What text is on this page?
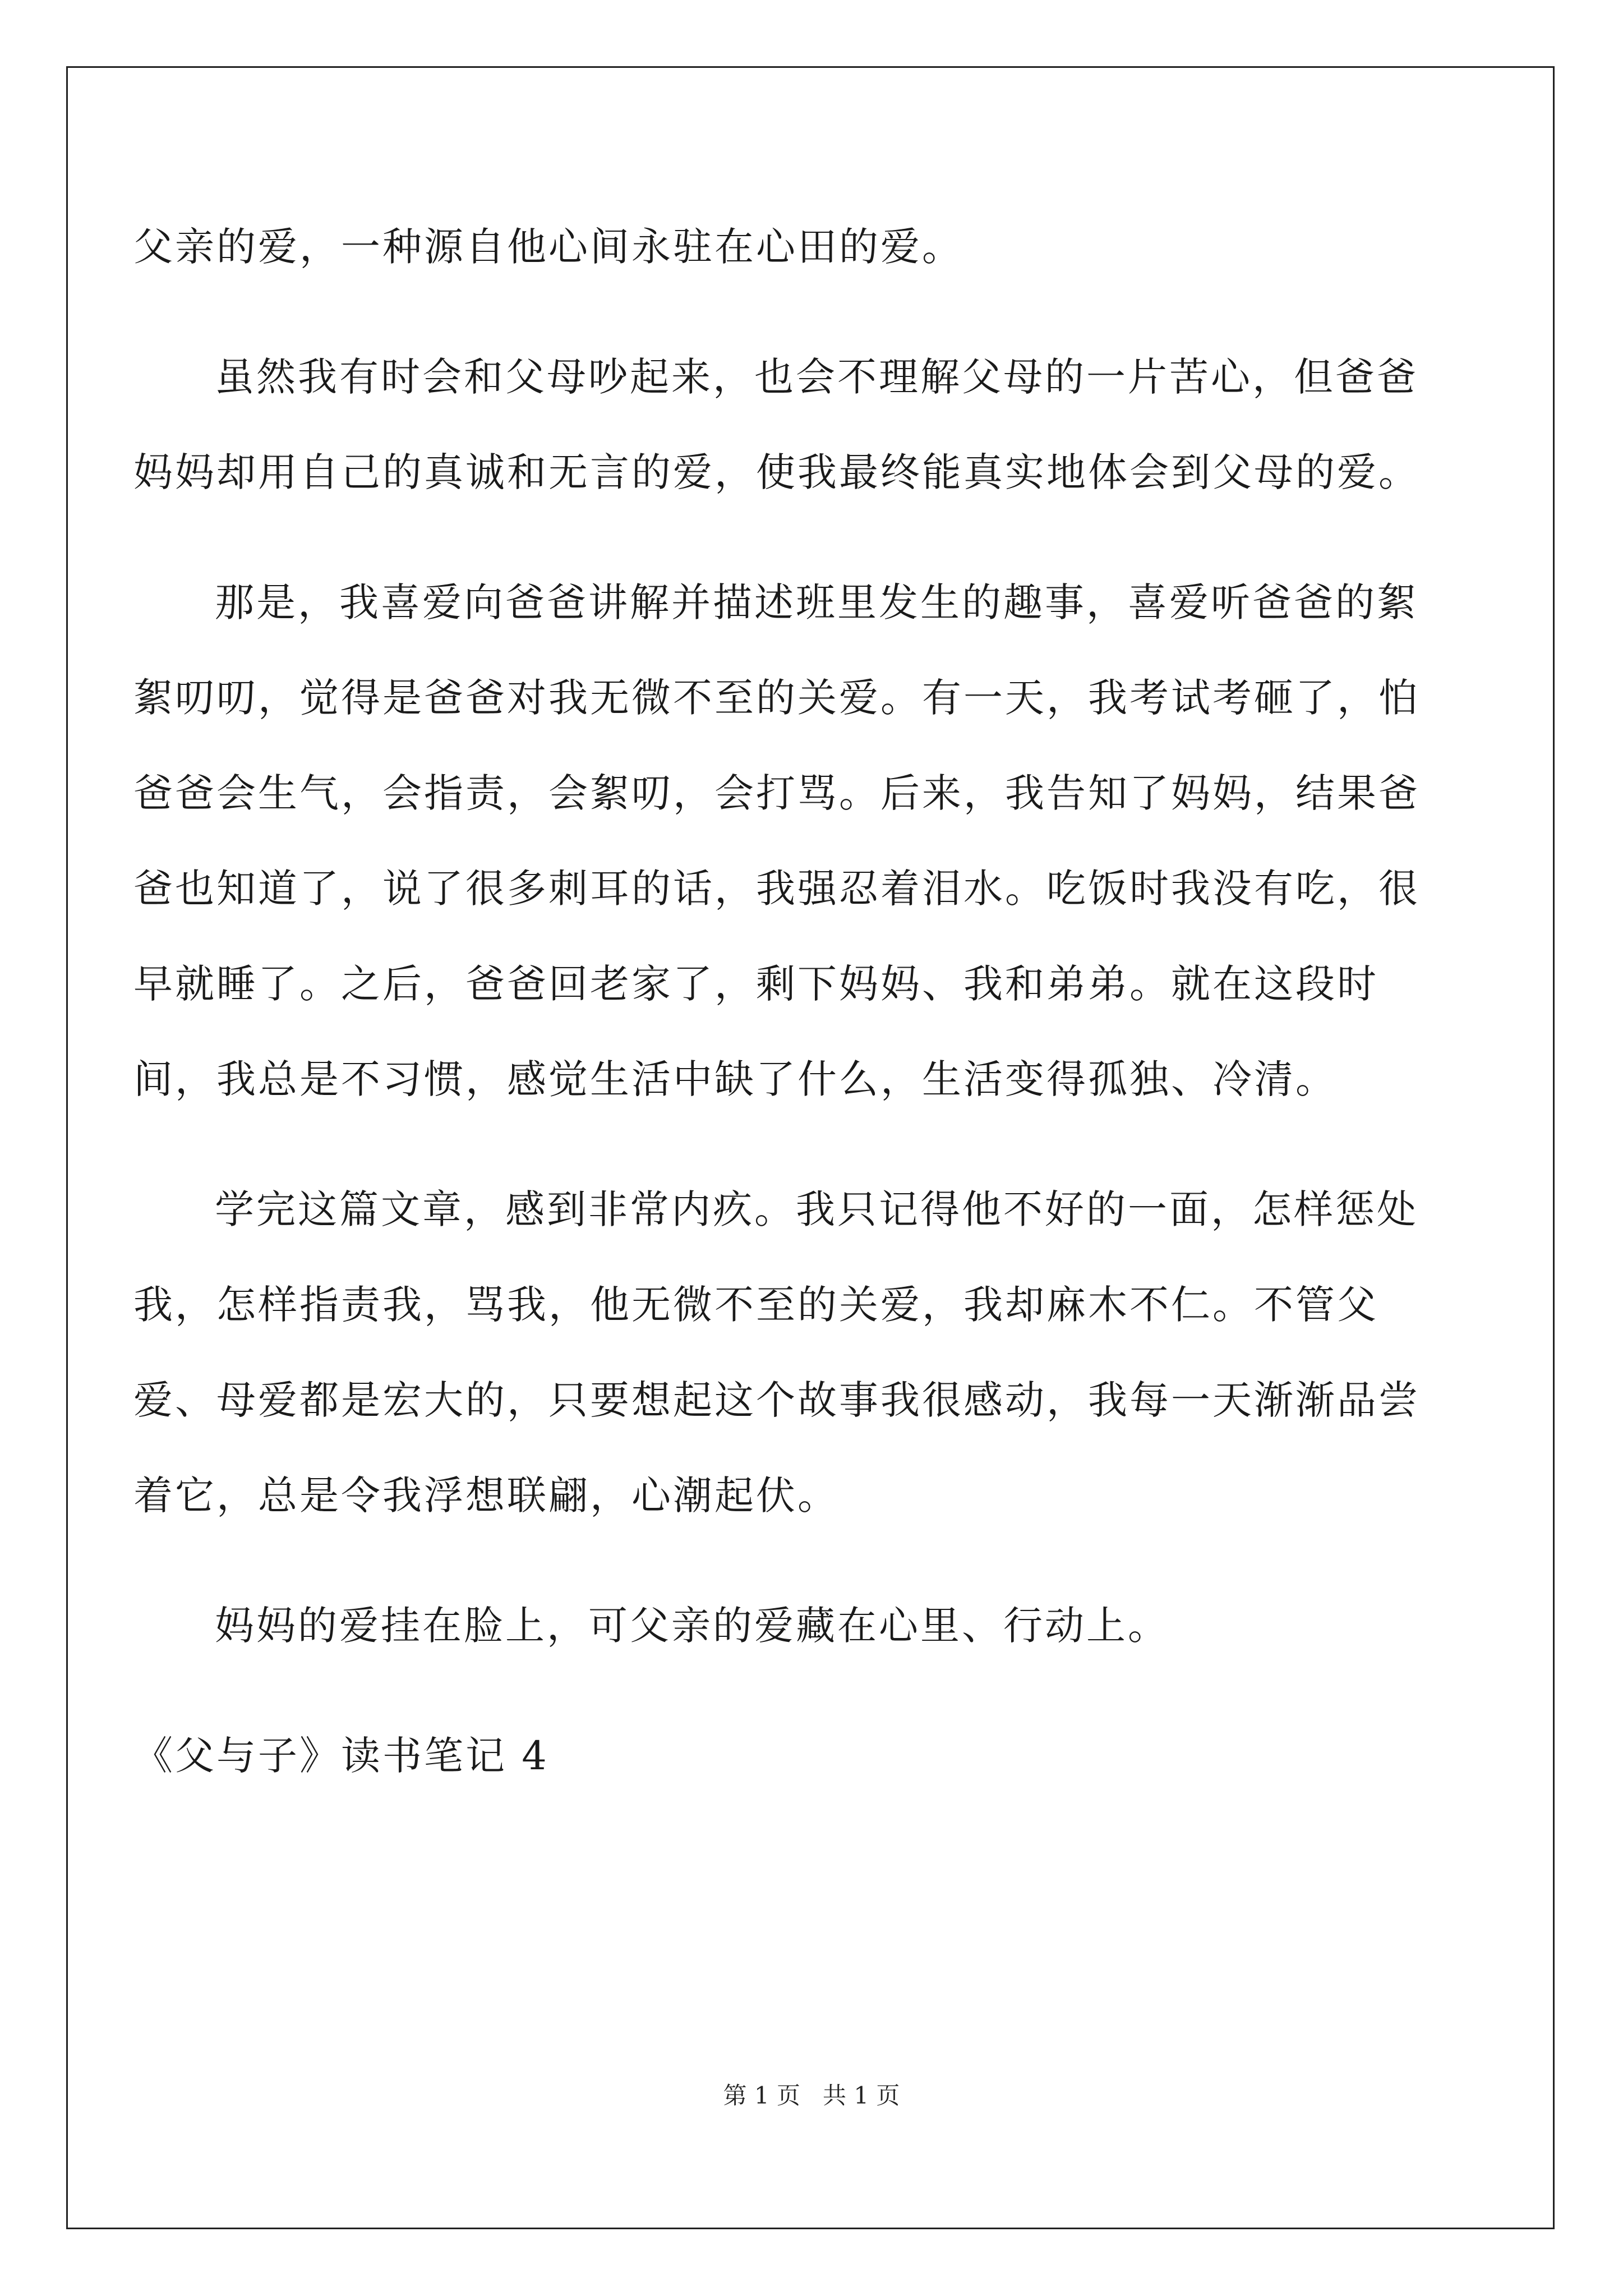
父亲的爱，一种源自他心间永驻在心田的爱。

虽然我有时会和父母吵起来，也会不理解父母的一片苦心，但爸爸妈妈却用自己的真诚和无言的爱，使我最终能真实地体会到父母的爱。

那是，我喜爱向爸爸讲解并描述班里发生的趣事，喜爱听爸爸的絮絮叨叨，觉得是爸爸对我无微不至的关爱。有一天，我考试考砸了，怕爸爸会生气，会指责，会絮叨，会打骂。后来，我告知了妈妈，结果爸爸也知道了，说了很多刺耳的话，我强忍着泪水。吃饭时我没有吃，很早就睡了。之后，爸爸回老家了，剩下妈妈、我和弟弟。就在这段时间，我总是不习惯，感觉生活中缺了什么，生活变得孤独、冷清。

学完这篇文章，感到非常内疚。我只记得他不好的一面，怎样惩处我，怎样指责我，骂我，他无微不至的关爱，我却麻木不仁。不管父爱、母爱都是宏大的，只要想起这个故事我很感动，我每一天渐渐品尝着它，总是令我浮想联翩，心潮起伏。

妈妈的爱挂在脸上，可父亲的爱藏在心里、行动上。

《父与子》读书笔记 4

第 1 页 共 1 页
